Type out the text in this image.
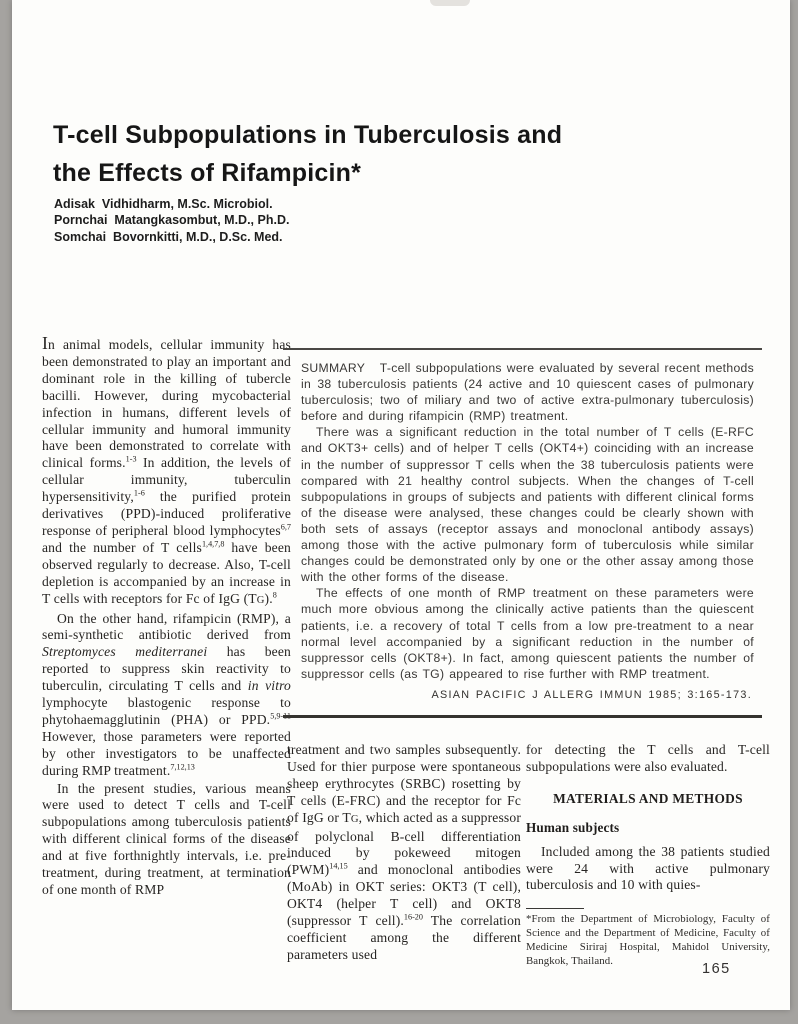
T-cell Subpopulations in Tuberculosis and
the Effects of Rifampicin*
Adisak  Vidhidharm, M.Sc. Microbiol.
Pornchai  Matangkasombut, M.D., Ph.D.
Somchai  Bovornkitti, M.D., D.Sc. Med.

In animal models, cellular immunity has been demonstrated to play an important and dominant role in the killing of tubercle bacilli. However, during mycobacterial infection in humans, different levels of cellular immunity and humoral immunity have been demonstrated to correlate with clinical forms.$^{1-3}$ In addition, the levels of cellular immunity, tuberculin hypersensitivity,$^{1-6}$ the purified protein derivatives (PPD)-induced proliferative response of peripheral blood lymphocytes$^{6,7}$ and the number of T cells$^{1,4,7,8}$ have been observed regularly to decrease. Also, T-cell depletion is accompanied by an increase in T cells with receptors for Fc of IgG (TG).$^8$

On the other hand, rifampicin (RMP), a semi-synthetic antibiotic derived from Streptomyces mediterranei has been reported to suppress skin reactivity to tuberculin, circulating T cells and in vitro lymphocyte blastogenic response to phytohaemagglutinin (PHA) or PPD.$^{5,9-11}$ However, those parameters were reported by other investigators to be unaffected during RMP treatment.$^{7,12,13}$

In the present studies, various means were used to detect T cells and T-cell subpopulations among tuberculosis patients with different clinical forms of the disease and at five forthnightly intervals, i.e. pre-treatment, during treatment, at termination of one month of RMP

SUMMARY   T-cell subpopulations were evaluated by several recent methods in 38 tuberculosis patients (24 active and 10 quiescent cases of pulmonary tuberculosis; two of miliary and two of active extra-pulmonary tuberculosis) before and during rifampicin (RMP) treatment.

There was a significant reduction in the total number of T cells (E-RFC and OKT3+ cells) and of helper T cells (OKT4+) coinciding with an increase in the number of suppressor T cells when the 38 tuberculosis patients were compared with 21 healthy control subjects. When the changes of T-cell subpopulations in groups of subjects and patients with different clinical forms of the disease were analysed, these changes could be clearly shown with both sets of assays (receptor assays and monoclonal antibody assays) among those with the active pulmonary form of tuberculosis while similar changes could be demonstrated only by one or the other assay among those with the other forms of the disease.

The effects of one month of RMP treatment on these parameters were much more obvious among the clinically active patients than the quiescent patients, i.e. a recovery of total T cells from a low pre-treatment to a near normal level accompanied by a significant reduction in the number of suppressor cells (OKT8+). In fact, among quiescent patients the number of suppressor cells (as TG) appeared to rise further with RMP treatment.

ASIAN PACIFIC J ALLERG IMMUN 1985; 3:165-173.

treatment and two samples subsequently. Used for thier purpose were spontaneous sheep erythrocytes (SRBC) rosetting by T cells (E-FRC) and the receptor for Fc of IgG or TG, which acted as a suppressor of polyclonal B-cell differentiation induced by pokeweed mitogen (PWM)$^{14,15}$ and monoclonal antibodies (MoAb) in OKT series: OKT3 (T cell), OKT4 (helper T cell) and OKT8 (suppressor T cell).$^{16-20}$ The correlation coefficient among the different parameters used

for detecting the T cells and T-cell subpopulations were also evaluated.

MATERIALS AND METHODS
Human subjects

Included among the 38 patients studied were 24 with active pulmonary tuberculosis and 10 with quies-

*From the Department of Microbiology, Faculty of Science and the Department of Medicine, Faculty of Medicine Siriraj Hospital, Mahidol University, Bangkok, Thailand.
165
